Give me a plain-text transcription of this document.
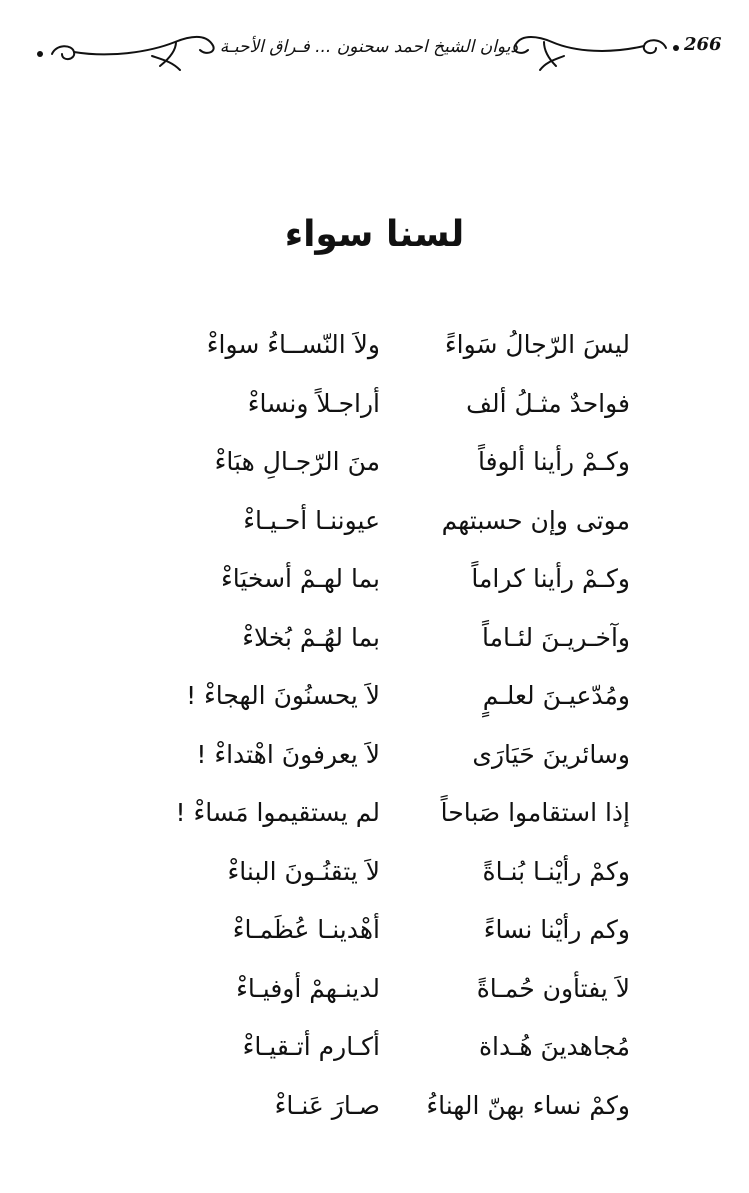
266
ديوان الشيخ احمد سحنون ... فـراق الأحبـة
لسنا سواء
ليسَ الرّجالُ سَواءً
ولاَ النّســاءُ سواءْ
فواحدٌ مثـلُ ألف
أراجـلاً ونساءْ
وكـمْ رأينا ألوفاً
منَ الرّجـالِ هبَاءْ
موتى وإن حسبتهم
عيوننـا أحـيـاءْ
وكـمْ رأينا كراماً
بما لهـمْ أسخيَاءْ
وآخـريـنَ لئـاماً
بما لهُـمْ بُخلاءْ
ومُدّعيـنَ لعلـمٍ
لاَ يحسنُونَ الهجاءْ !
وسائرينَ حَيَارَى
لاَ يعرفونَ اهْتداءْ !
إذا استقاموا صَباحاً
لم يستقيموا مَساءْ !
وكمْ رأيْنـا بُنـاةً
لاَ يتقنُـونَ البناءْ
وكم رأيْنا نساءً
أهْدينـا عُظَمـاءْ
لاَ يفتأون حُمـاةً
لدينـهمْ أوفيـاءْ
مُجاهدينَ هُـداة
أكـارم أتـقيـاءْ
وكمْ نساء بهنّ الهناءُ
صـارَ عَنـاءْ
